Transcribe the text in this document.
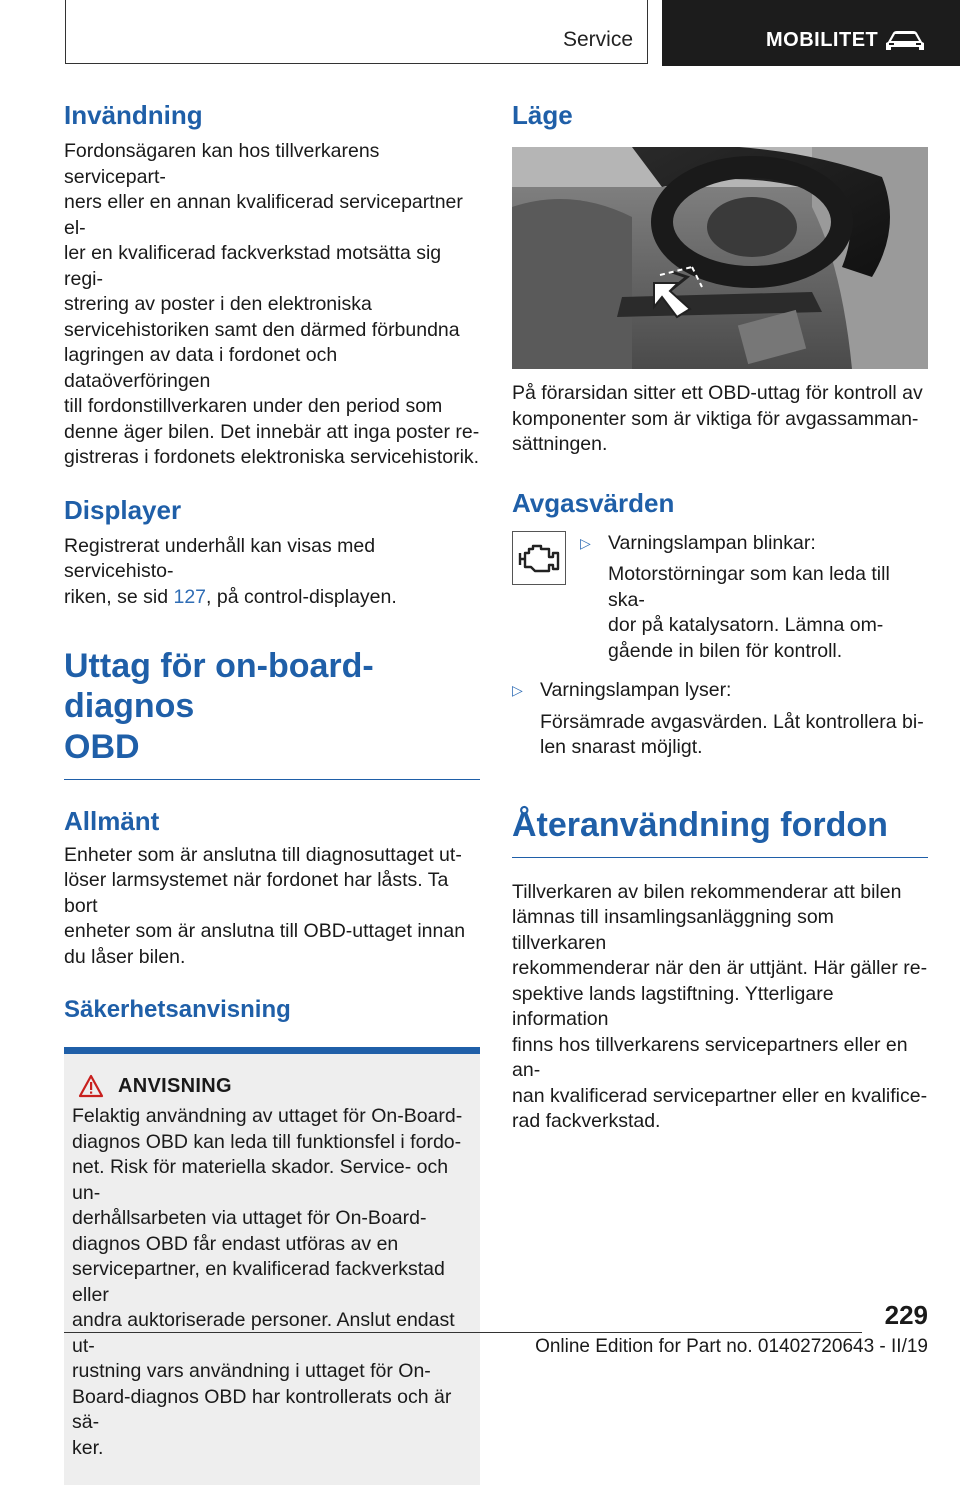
Service	MOBILITET
Invändning

Fordonsägaren kan hos tillverkarens servicepart-

ners eller en annan kvalificerad servicepartner el-

ler en kvalificerad fackverkstad motsätta sig regi-

strering av poster i den elektroniska

servicehistoriken samt den därmed förbundna

lagringen av data i fordonet och dataöverföringen

till fordonstillverkaren under den period som

denne äger bilen. Det innebär att inga poster re-

gistreras i fordonets elektroniska servicehistorik.

Displayer

Registrerat underhåll kan visas med servicehisto-

riken, se sid 127, på control-displayen.

Uttag för on-board-diagnos
OBD
Allmänt

Enheter som är anslutna till diagnosuttaget ut-

löser larmsystemet när fordonet har låsts. Ta bort

enheter som är anslutna till OBD-uttaget innan

du låser bilen.

Säkerhetsanvisning
ANVISNING

Felaktig användning av uttaget för On-Board-

diagnos OBD kan leda till funktionsfel i fordo-

net. Risk för materiella skador. Service- och un-

derhållsarbeten via uttaget för On-Board-

diagnos OBD får endast utföras av en

servicepartner, en kvalificerad fackverkstad eller

andra auktoriserade personer. Anslut endast ut-

rustning vars användning i uttaget för On-

Board-diagnos OBD har kontrollerats och är sä-

ker.

Läge

På förarsidan sitter ett OBD-uttag för kontroll av

komponenter som är viktiga för avgassamman-

sättningen.

Avgasvärden
▷ Varningslampan blinkar:

Motorstörningar som kan leda till ska-

dor på katalysatorn. Lämna om-

gående in bilen för kontroll.

▷ Varningslampan lyser:

Försämrade avgasvärden. Låt kontrollera bi-

len snarast möjligt.

Återanvändning fordon

Tillverkaren av bilen rekommenderar att bilen

lämnas till insamlingsanläggning som tillverkaren

rekommenderar när den är uttjänt. Här gäller re-

spektive lands lagstiftning. Ytterligare information

finns hos tillverkarens servicepartners eller en an-

nan kvalificerad servicepartner eller en kvalifice-

rad fackverkstad.

229
Online Edition for Part no. 01402720643 - II/19
